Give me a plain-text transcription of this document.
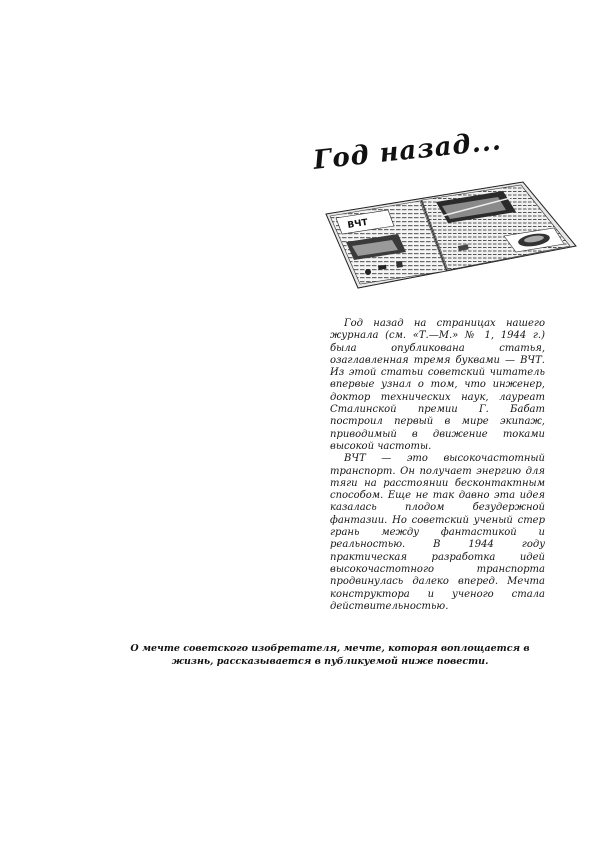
Год назад...
ВЧТ

Год назад на страницах нашего журнала (см. «Т.—М.» № 1, 1944 г.) была опубликована статья, озаглавленная тремя буквами — ВЧТ. Из этой статьи советский читатель впервые узнал о том, что инженер, доктор технических наук, лауреат Сталинской премии Г. Бабат построил первый в мире экипаж, приводимый в движение токами высокой частоты.

ВЧТ — это высокочастотный транспорт. Он получает энергию для тяги на расстоянии бесконтактным способом. Еще не так давно эта идея казалась плодом безудержной фантазии. Но советский ученый стер грань между фантастикой и реальностью. В 1944 году практическая разработка идей высокочастотного транспорта продвинулась далеко вперед. Мечта конструктора и ученого стала действительностью.

О мечте советского изобретателя, мечте, которая воплощается в жизнь, рассказывается в публикуемой ниже повести.
